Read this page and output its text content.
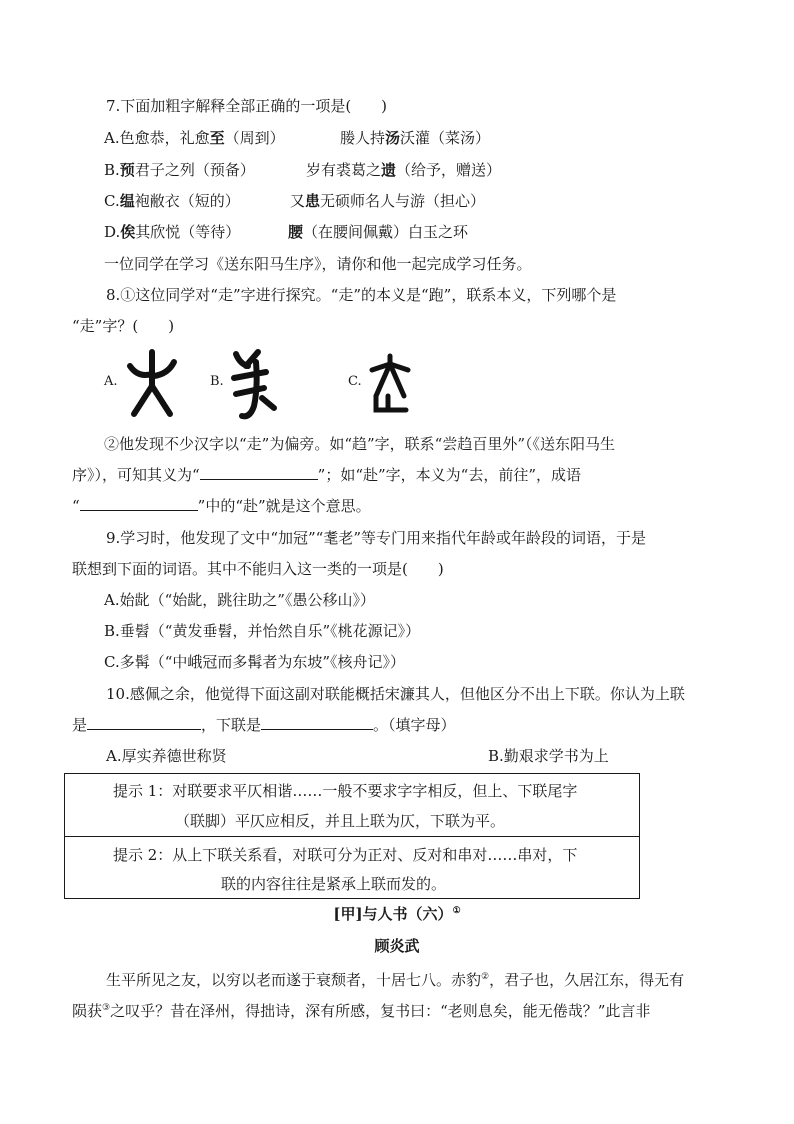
7.下面加粗字解释全部正确的一项是(　　)
A.色愈恭，礼愈至（周到）	媵人持汤沃灌（菜汤）
B.预君子之列（预备）	岁有裘葛之遗（给予，赠送）
C.缊袍敝衣（短的）	又患无硕师名人与游（担心）
D.俟其欣悦（等待）	腰（在腰间佩戴）白玉之环
一位同学在学习《送东阳马生序》，请你和他一起完成学习任务。
8.①这位同学对“走”字进行探究。“走”的本义是“跑”，联系本义，下列哪个是
“走”字？(　　)
A.	B.	C.
②他发现不少汉字以“走”为偏旁。如“趋”字，联系“尝趋百里外”（《送东阳马生
序》），可知其义为“	”；如“赴”字，本义为“去，前往”，成语
“	”中的“赴”就是这个意思。
9.学习时，他发现了文中“加冠”“耄老”等专门用来指代年龄或年龄段的词语，于是
联想到下面的词语。其中不能归入这一类的一项是(　　)
A.始龀（“始龀，跳往助之”《愚公移山》）
B.垂髫（“黄发垂髫，并怡然自乐”《桃花源记》）
C.多髯（“中峨冠而多髯者为东坡”《核舟记》）
10.感佩之余，他觉得下面这副对联能概括宋濂其人，但他区分不出上下联。你认为上联
是	，下联是	。（填字母）
A.厚实养德世称贤	B.勤艰求学书为上
提示 1：对联要求平仄相谐……一般不要求字字相反，但上、下联尾字
（联脚）平仄应相反，并且上联为仄，下联为平。
提示 2：从上下联关系看，对联可分为正对、反对和串对……串对，下
联的内容往往是紧承上联而发的。
[甲]与人书（六）①
顾炎武
生平所见之友，以穷以老而遂于衰颓者，十居七八。赤豹②，君子也，久居江东，得无有
陨获③之叹乎？昔在泽州，得拙诗，深有所感，复书曰：“老则息矣，能无倦哉？”此言非
